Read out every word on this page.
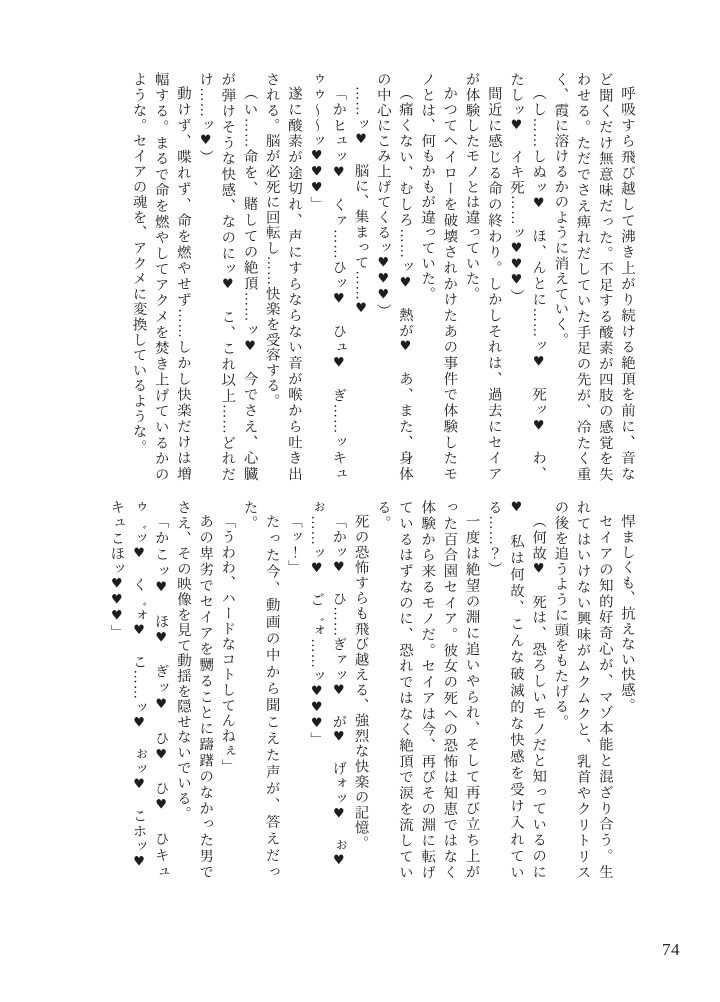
呼吸すら飛び越して沸き上がり続ける絶頂を前に、音など聞くだけ無意味だった。不足する酸素が四肢の感覚を失わせる。ただでさえ痺れだしていた手足の先が、冷たく重く、霞に溶けるかのように消えていく。

（し……しぬッ♥　ほ、んとに……ッ♥　死ッ♥　わ、たしッ♥　イキ死……ッ♥♥♥）

間近に感じる命の終わり。しかしそれは、過去にセイアが体験したモノとは違っていた。

かつてヘイローを破壊されかけたあの事件で体験したモノとは、何もかもが違っていた。

（痛くない、むしろ……ッ♥　熱が♥　あ、また、身体の中心にこみ上げてくるッ♥♥♥）

……ッ♥　脳に、集まって……♥

「かヒュッ♥　くァ……ひッ♥　ひュ♥　ぎ……ッキュゥゥ〜〜ッ♥♥♥」

遂に酸素が途切れ、声にすらならない音が喉から吐き出される。脳が必死に回転し……快楽を受容する。

（い……命を、賭しての絶頂……ッ♥　今でさえ、心臓が弾けそうな快感、なのにッ♥　こ、これ以上……どれだけ……ッ♥）

動けず、喋れず、命を燃やせず……しかし快楽だけは増幅する。まるで命を燃やしてアクメを焚き上げているかのような。セイアの魂を、アクメに変換しているような。

悍ましくも、抗えない快感。

セイアの知的好奇心が、マゾ本能と混ざり合う。生れてはいけない興味がムクムクと、乳首やクリトリスの後を追うように頭をもたげる。

（何故♥　死は、恐ろしいモノだと知っているのに♥　私は何故、こんな破滅的な快感を受け入れている……？）

一度は絶望の淵に追いやられ、そして再び立ち上がった百合園セイア。彼女の死への恐怖は知恵ではなく体験から来るモノだ。セイアは今、再びその淵に転げているはずなのに、恐れではなく絶頂で涙を流している。

死の恐怖すらも飛び越える、強烈な快楽の記憶。

「かッ♥　ひ……ぎァッ♥　が♥　げォッ♥　ぉ♥　ぉ……ッ♥　ご゛ォ……ッ♥♥♥」

「ッ！」

たった今、動画の中から聞こえた声が、答えだった。

「うわわ、ハードなコトしてんねぇ」

あの卑劣でセイアを嬲ることに躊躇のなかった男でさえ、その映像を見て動揺を隠せないでいる。

「かこッ♥　ほ♥　ぎッ♥　ひ♥　ひ♥　ひキュゥ゛ッ♥　く゛ォ♥　こ……ッ♥　ぉッ♥　こホッ♥　キュこほッ♥♥♥」

74
